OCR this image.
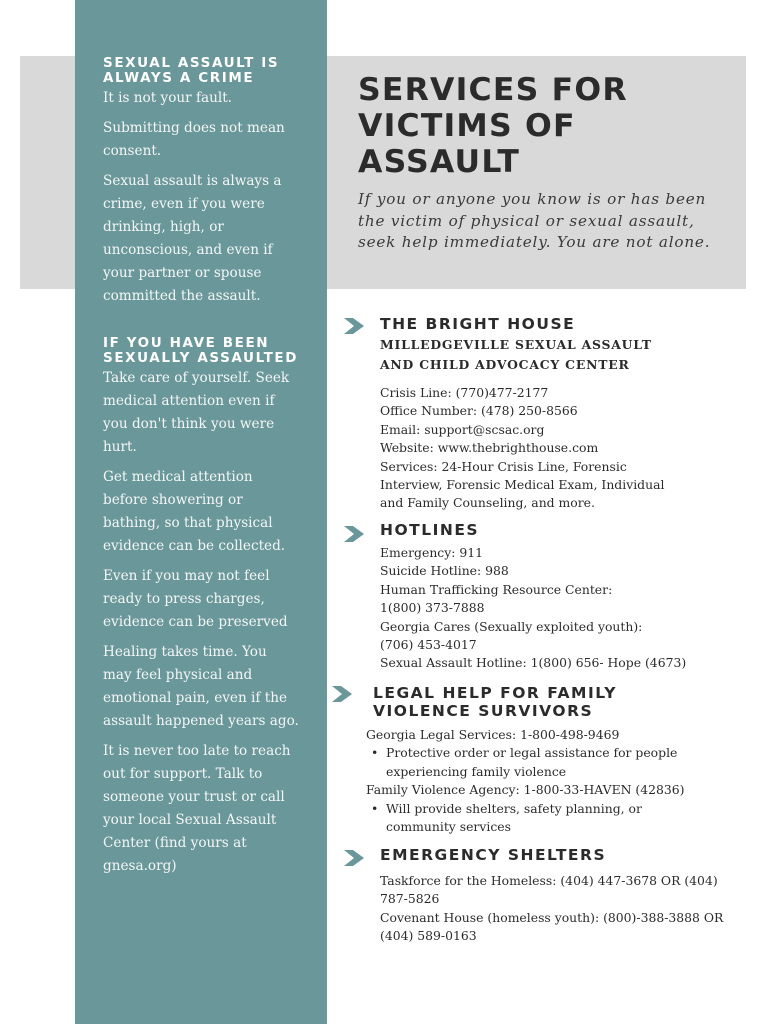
SEXUAL ASSAULT IS ALWAYS A CRIME

It is not your fault.

Submitting does not mean consent.

Sexual assault is always a crime, even if you were drinking, high, or unconscious, and even if your partner or spouse committed the assault.

IF YOU HAVE BEEN SEXUALLY ASSAULTED

Take care of yourself. Seek medical attention even if you don't think you were hurt.

Get medical attention before showering or bathing, so that physical evidence can be collected.

Even if you may not feel ready to press charges, evidence can be preserved

Healing takes time. You may feel physical and emotional pain, even if the assault happened years ago.

It is never too late to reach out for support. Talk to someone your trust or call your local Sexual Assault Center (find yours at gnesa.org)

SERVICES FOR VICTIMS OF ASSAULT
If you or anyone you know is or has been the victim of physical or sexual assault, seek help immediately. You are not alone.
THE BRIGHT HOUSE

MILLEDGEVILLE SEXUAL ASSAULT AND CHILD ADVOCACY CENTER

Crisis Line: (770)477-2177

Office Number: (478) 250-8566

Email: support@scsac.org

Website: www.thebrighthouse.com

Services: 24-Hour Crisis Line, Forensic

Interview, Forensic Medical Exam, Individual

and Family Counseling, and more.

HOTLINES

Emergency: 911

Suicide Hotline: 988

Human Trafficking Resource Center:

1(800) 373-7888

Georgia Cares (Sexually exploited youth):

(706) 453-4017

Sexual Assault Hotline: 1(800) 656- Hope (4673)

LEGAL HELP FOR FAMILY
VIOLENCE SURVIVORS

Georgia Legal Services: 1-800-498-9469

• Protective order or legal assistance for people experiencing family violence

Family Violence Agency: 1-800-33-HAVEN (42836)

• Will provide shelters, safety planning, or community services

EMERGENCY SHELTERS

Taskforce for the Homeless: (404) 447-3678 OR (404) 787-5826

Covenant House (homeless youth): (800)-388-3888 OR (404) 589-0163
